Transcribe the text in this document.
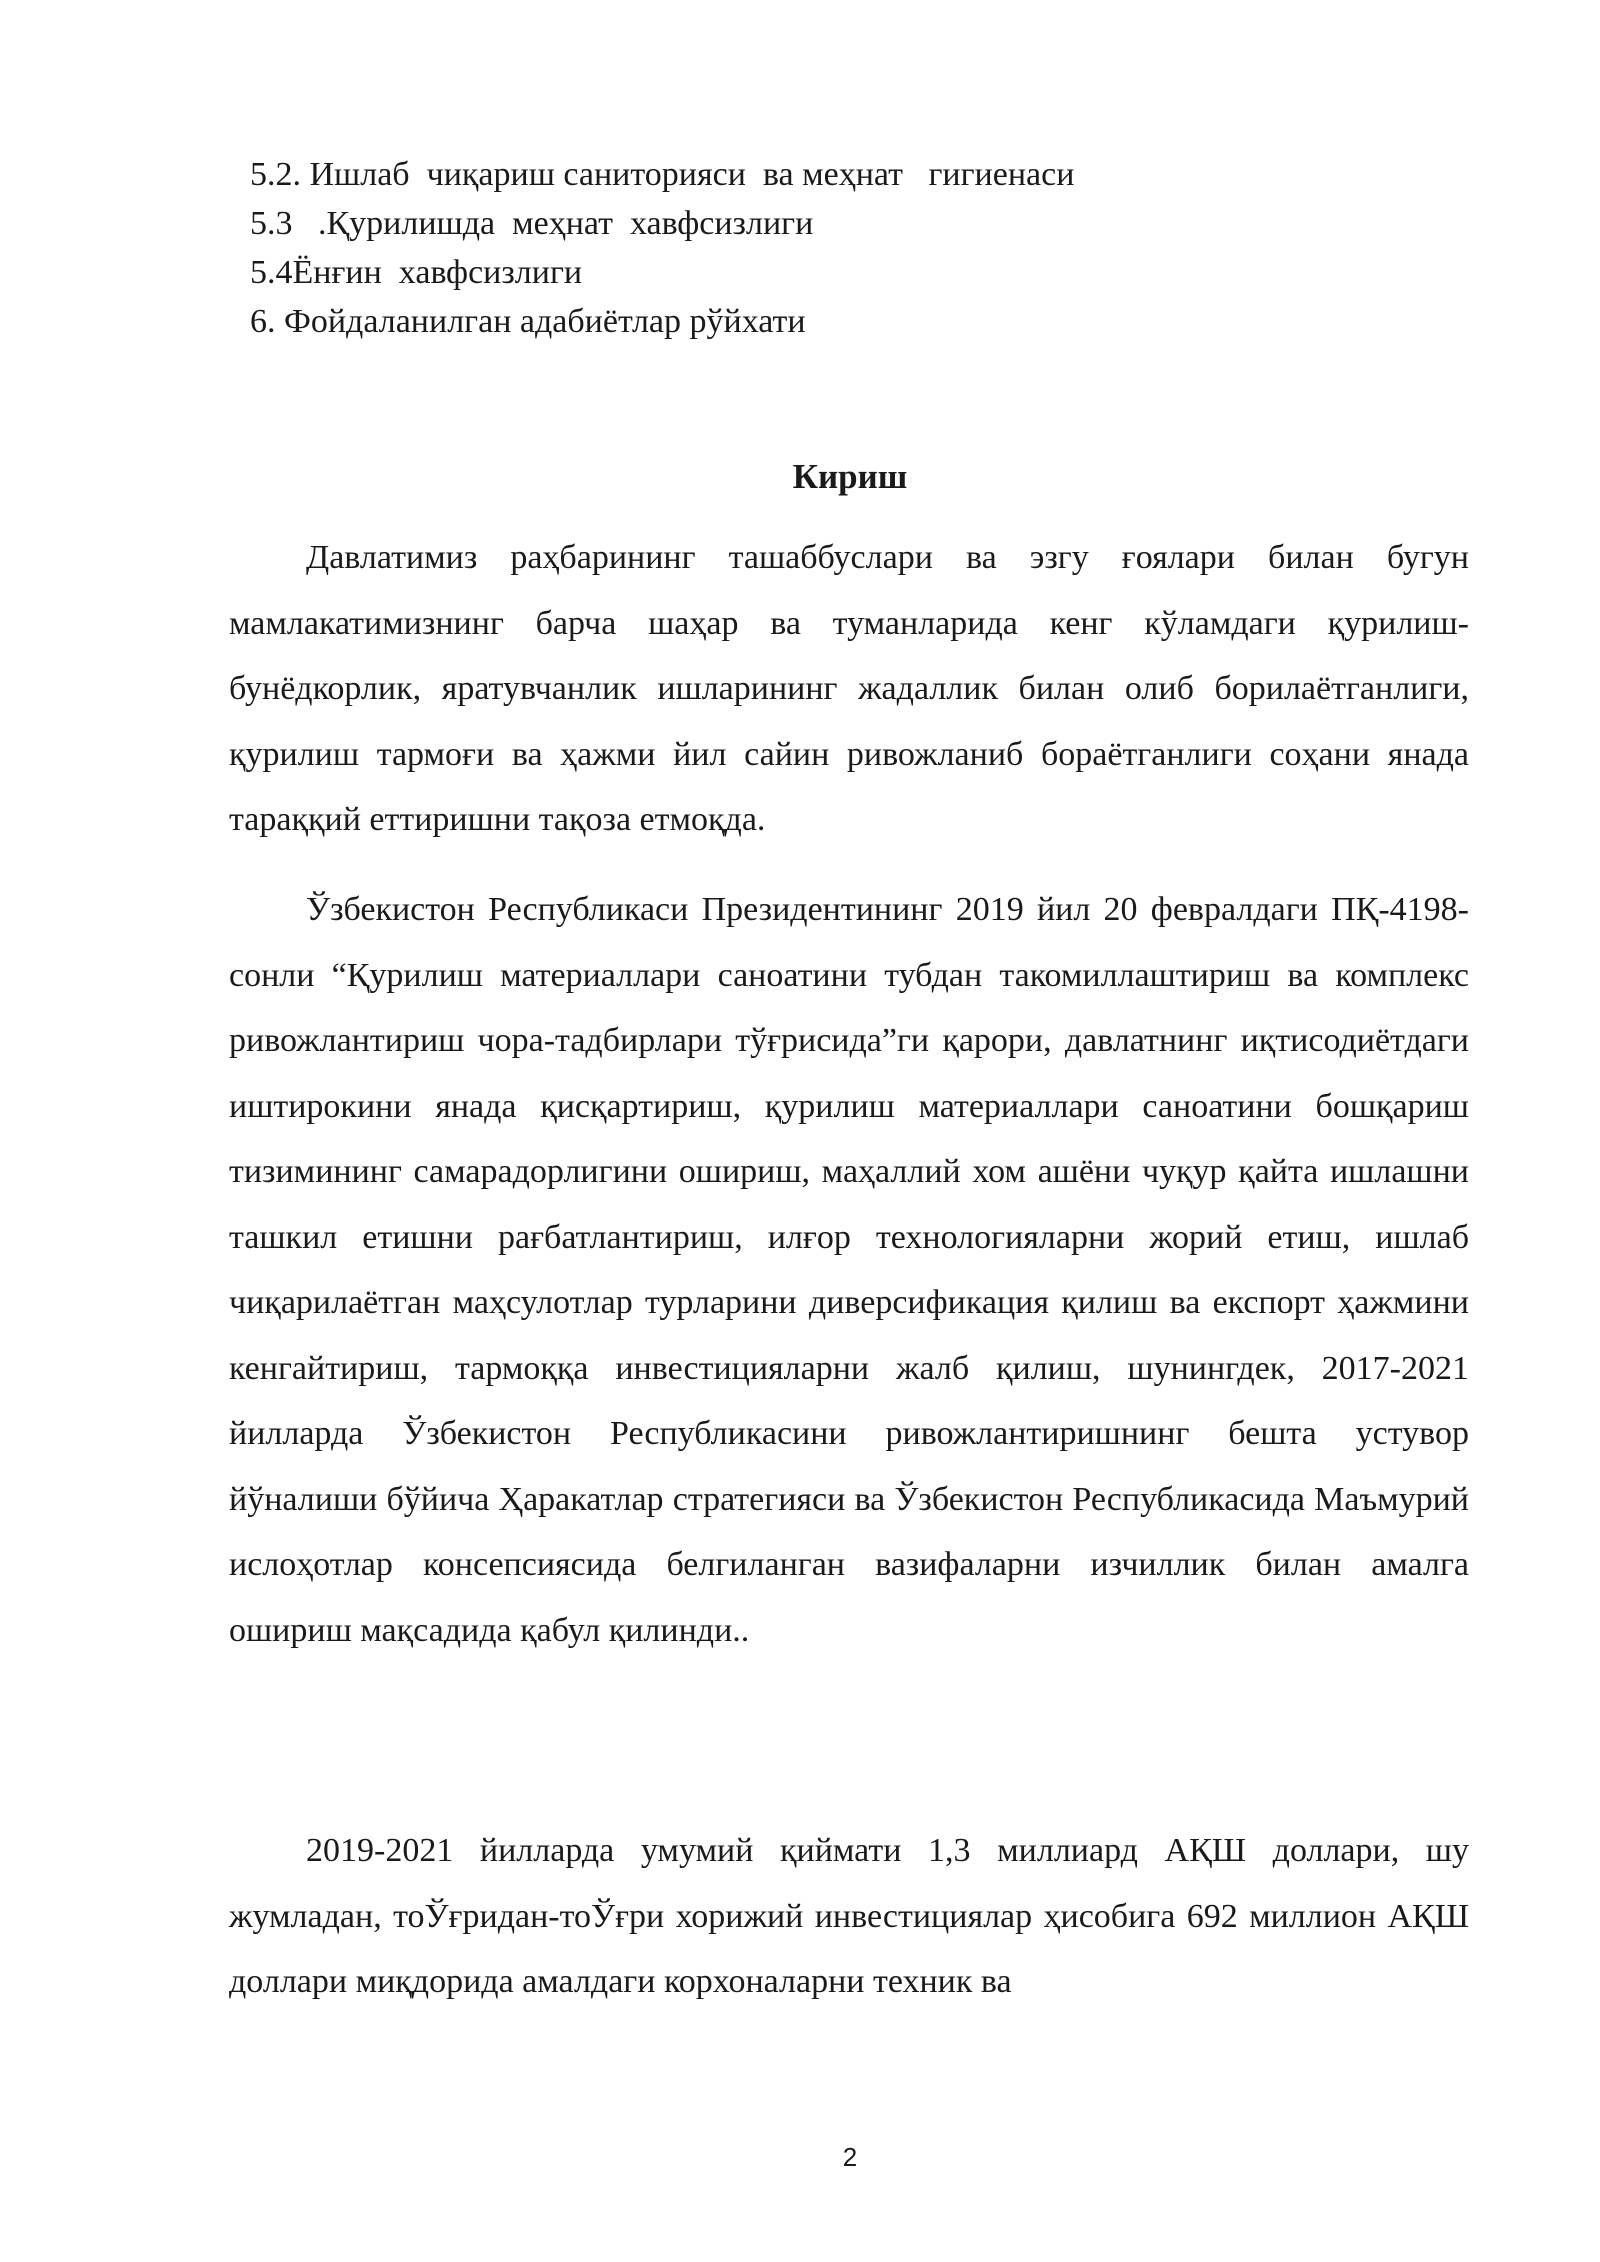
5.2. Ишлаб  чиқариш саниторияси  ва меҳнат   гигиенаси
5.3   .Қурилишда  меҳнат  хавфсизлиги
5.4Ёнғин  хавфсизлиги
6. Фойдаланилган адабиётлар рўйхати
Кириш

Давлатимиз раҳбарининг ташаббуслари ва эзгу ғоялари билан бугун мамлакатимизнинг барча шаҳар ва туманларида кенг кўламдаги қурилиш-бунёдкорлик, яратувчанлик ишларининг жадаллик билан олиб борилаётганлиги, қурилиш тармоғи ва ҳажми йил сайин ривожланиб бораётганлиги соҳани янада тараққий еттиришни тақоза етмоқда.

Ўзбекистон Республикаси Президентининг 2019 йил 20 февралдаги ПҚ-4198-сонли “Қурилиш материаллари саноатини тубдан такомиллаштириш ва комплекс ривожлантириш чора-тадбирлари тўғрисида”ги қарори, давлатнинг иқтисодиётдаги иштирокини янада қисқартириш, қурилиш материаллари саноатини бошқариш тизимининг самарадорлигини ошириш, маҳаллий хом ашёни чуқур қайта ишлашни ташкил етишни рағбатлантириш, илғор технологияларни жорий етиш, ишлаб чиқарилаётган маҳсулотлар турларини диверсификация қилиш ва експорт ҳажмини кенгайтириш, тармоққа инвестицияларни жалб қилиш, шунингдек, 2017-2021 йилларда Ўзбекистон Республикасини ривожлантиришнинг бешта устувор йўналиши бўйича Ҳаракатлар стратегияси ва Ўзбекистон Республикасида Маъмурий ислоҳотлар консепсиясида белгиланган вазифаларни изчиллик билан амалга ошириш мақсадида қабул қилинди..

2019-2021 йилларда умумий қиймати 1,3 миллиард АҚШ доллари, шу жумладан, тоЎғридан-тоЎғри хорижий инвестициялар ҳисобига 692 миллион АҚШ доллари миқдорида амалдаги корхоналарни техник ва

2
